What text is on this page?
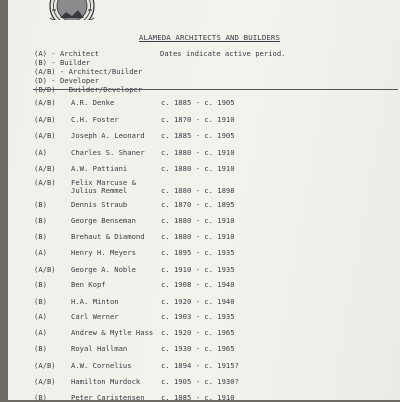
ALAMEDA ARCHITECTS AND BUILDERS
(A) - Architect
(B) - Builder
(A/B) - Architect/Builder
(D) - Developer
Dates indicate active period.
(A/B) A.R. Denke	c. 1885 - c. 1905
(A/B) C.H. Foster	c. 1870 - c. 1910
(A/B) Joseph A. Leonard c. 1885 - c. 1905
(A)	Charles S. Shaner c. 1880 - c. 1910
(A/B) A.W. Pattiani	c. 1880 - c. 1910
(A/B) Felix Marcuse &
Julius Remmel	c. 1880 - c. 1898
(B)	Dennis Straub	c. 1870 - c. 1895
(B)	George Benseman	c. 1880 - c. 1910
(B)	Brehaut & Diamond c. 1880 - c. 1910
(A)	Henry H. Meyers	c. 1895 - c. 1935
(A/B) George A. Noble	c. 1910 - c. 1935
(B)	Ben Kopf	c. 1908 - c. 1940
(B)	H.A. Minton	c. 1920 - c. 1940
(A)	Carl Werner	c. 1903 - c. 1935
(A)	Andrew & Mytle Hass c. 1920 - c. 1965
(B)	Royal Hallman	c. 1930 - c. 1965
(A/B) A.W. Cornelius	c. 1894 - c. 1915?
(A/B) Hamilton Murdock	c. 1905 - c. 1930?
(B)	Peter Caristensen c. 1885 - c. 1910
